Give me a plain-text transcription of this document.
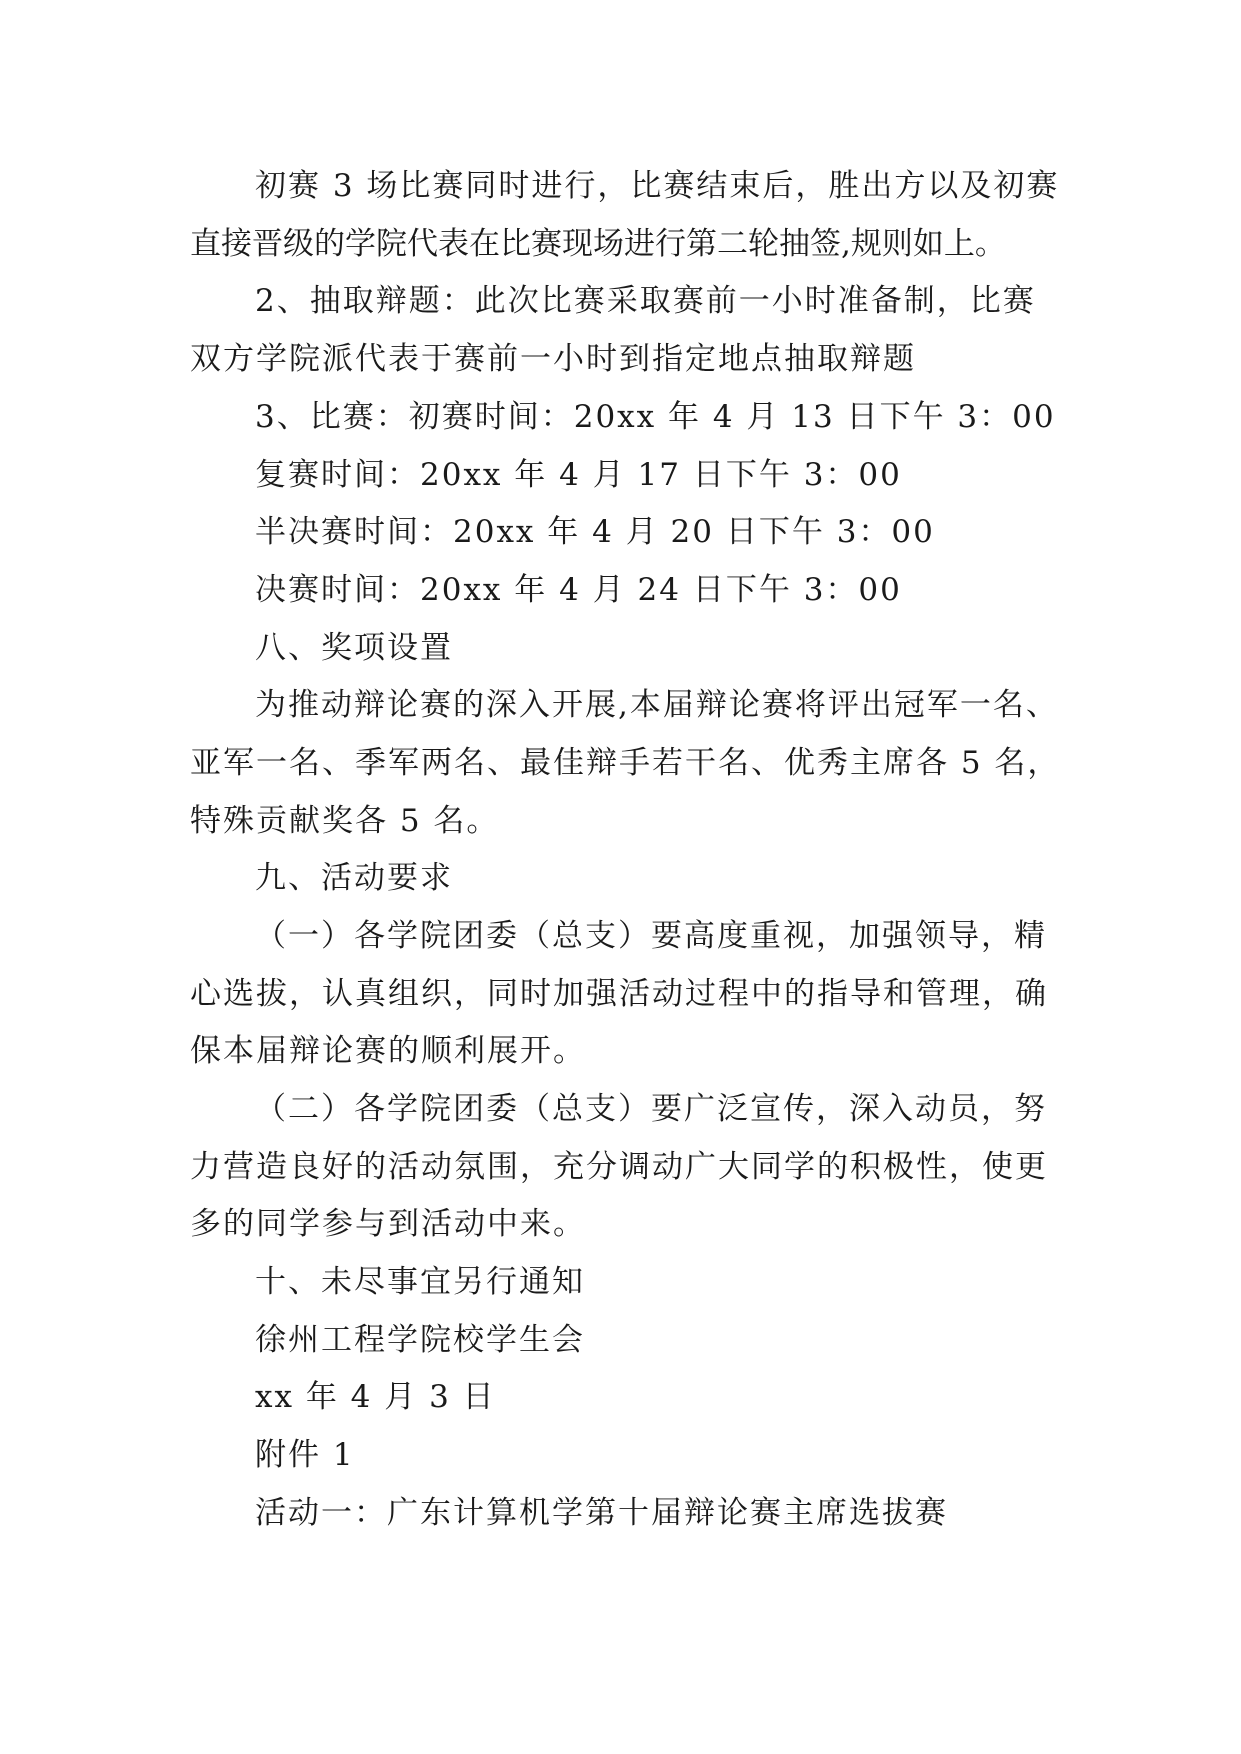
初赛 3 场比赛同时进行，比赛结束后，胜出方以及初赛
直接晋级的学院代表在比赛现场进行第二轮抽签,规则如上。
2、抽取辩题：此次比赛采取赛前一小时准备制，比赛
双方学院派代表于赛前一小时到指定地点抽取辩题
3、比赛：初赛时间：20xx 年 4 月 13 日下午 3：00
复赛时间：20xx 年 4 月 17 日下午 3：00
半决赛时间：20xx 年 4 月 20 日下午 3：00
决赛时间：20xx 年 4 月 24 日下午 3：00
八、奖项设置
为推动辩论赛的深入开展,本届辩论赛将评出冠军一名、
亚军一名、季军两名、最佳辩手若干名、优秀主席各 5 名，
特殊贡献奖各 5 名。
九、活动要求
（一）各学院团委（总支）要高度重视，加强领导，精
心选拔，认真组织，同时加强活动过程中的指导和管理，确
保本届辩论赛的顺利展开。
（二）各学院团委（总支）要广泛宣传，深入动员，努
力营造良好的活动氛围，充分调动广大同学的积极性，使更
多的同学参与到活动中来。
十、未尽事宜另行通知
徐州工程学院校学生会
xx 年 4 月 3 日
附件 1
活动一：广东计算机学第十届辩论赛主席选拔赛
